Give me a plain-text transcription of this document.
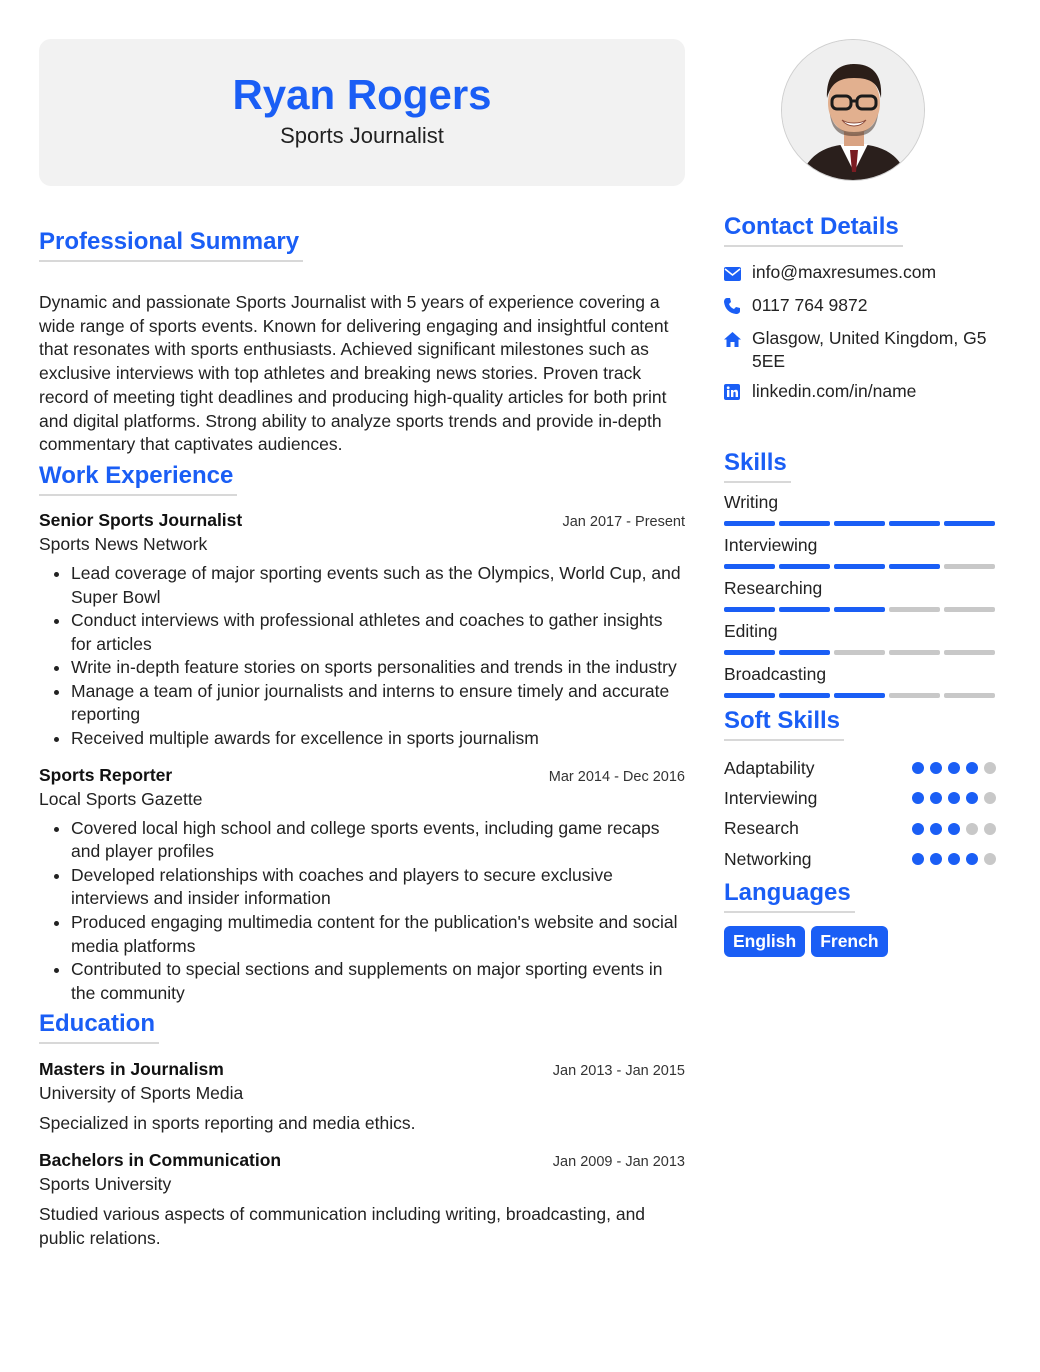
Ryan Rogers
Sports Journalist
Professional Summary

Dynamic and passionate Sports Journalist with 5 years of experience covering a wide range of sports events. Known for delivering engaging and insightful content that resonates with sports enthusiasts. Achieved significant milestones such as exclusive interviews with top athletes and breaking news stories. Proven track record of meeting tight deadlines and producing high-quality articles for both print and digital platforms. Strong ability to analyze sports trends and provide in-depth commentary that captivates audiences.

Work Experience
Senior Sports Journalist	Jan 2017 - Present
Sports News Network
• Lead coverage of major sporting events such as the Olympics, World Cup, and Super Bowl
• Conduct interviews with professional athletes and coaches to gather insights for articles
• Write in-depth feature stories on sports personalities and trends in the industry
• Manage a team of junior journalists and interns to ensure timely and accurate reporting
• Received multiple awards for excellence in sports journalism
Sports Reporter	Mar 2014 - Dec 2016
Local Sports Gazette
• Covered local high school and college sports events, including game recaps and player profiles
• Developed relationships with coaches and players to secure exclusive interviews and insider information
• Produced engaging multimedia content for the publication's website and social media platforms
• Contributed to special sections and supplements on major sporting events in the community
Education
Masters in Journalism	Jan 2013 - Jan 2015
University of Sports Media

Specialized in sports reporting and media ethics.

Bachelors in Communication	Jan 2009 - Jan 2013
Sports University

Studied various aspects of communication including writing, broadcasting, and public relations.

Contact Details
info@maxresumes.com
0117 764 9872
Glasgow, United Kingdom, G5 5EE
linkedin.com/in/name
Skills
Writing
Interviewing
Researching
Editing
Broadcasting
Soft Skills
Adaptability
Interviewing
Research
Networking
Languages
English	French
